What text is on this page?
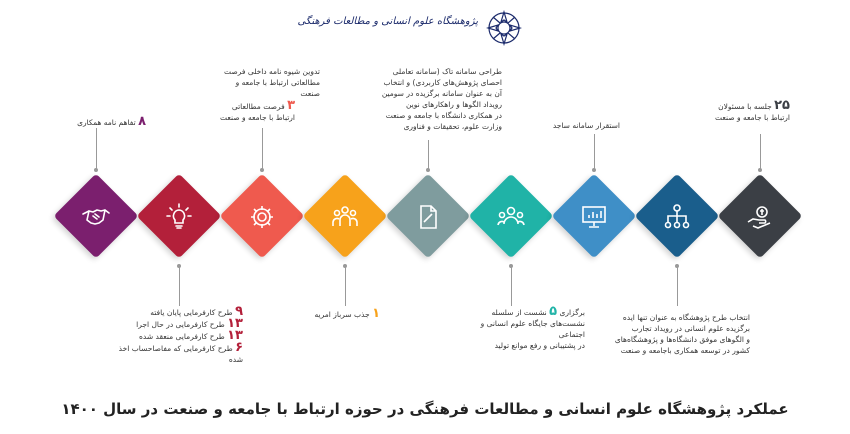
پژوهشگاه علوم انسانی و مطالعات فرهنگی
۸ تفاهم نامه همکاری
تدوین شیوه نامه داخلی فرصت
مطالعاتی ارتباط با جامعه و صنعت
۳ فرصت مطالعاتی
ارتباط با جامعه و صنعت
طراحی سامانه تاک (سامانه تعاملی
احصای پژوهش‌های کاربردی) و انتخاب
آن به عنوان سامانه برگزیده در سومین
رویداد الگوها و راهکارهای نوین
در همکاری دانشگاه با جامعه و صنعت
وزارت علوم، تحقیقات و فناوری	استقرار سامانه ساجد
۲۵ جلسه با مسئولان
ارتباط با جامعه و صنعت
۹ طرح کارفرمایی پایان یافته
۱۳ طرح کارفرمایی در حال اجرا
۱۳ طرح کارفرمایی منعقد شده
۶ طرح کارفرمایی که مفاصاحساب اخذ شده
۱ جذب سرباز امریه	برگزاری ۵ نشست از سلسله
نشست‌های جایگاه علوم انسانی و اجتماعی
در پشتیبانی و رفع موانع تولید
انتخاب طرح پژوهشگاه به عنوان تنها ایده
برگزیده علوم انسانی در رویداد تجارب
و الگوهای موفق دانشگاه‌ها و پژوهشگاه‌های
کشور در توسعه همکاری باجامعه و صنعت
عملکرد پژوهشگاه علوم انسانی و مطالعات فرهنگی در حوزه ارتباط با جامعه و صنعت در سال ۱۴۰۰
